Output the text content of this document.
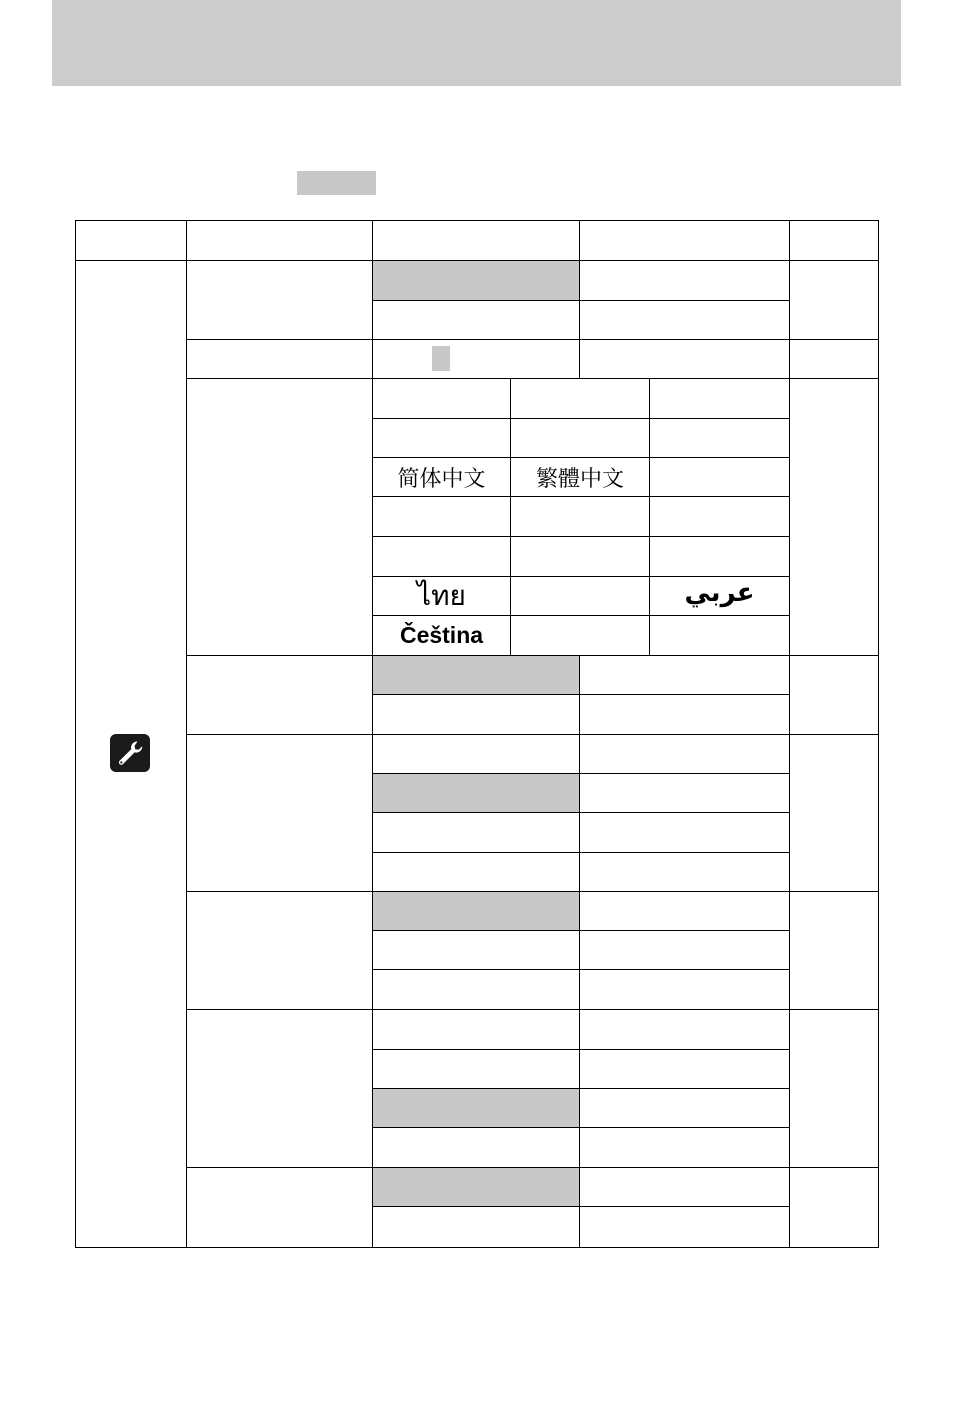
简体中文	繁體中文
ไทย	عربي
Čeština
